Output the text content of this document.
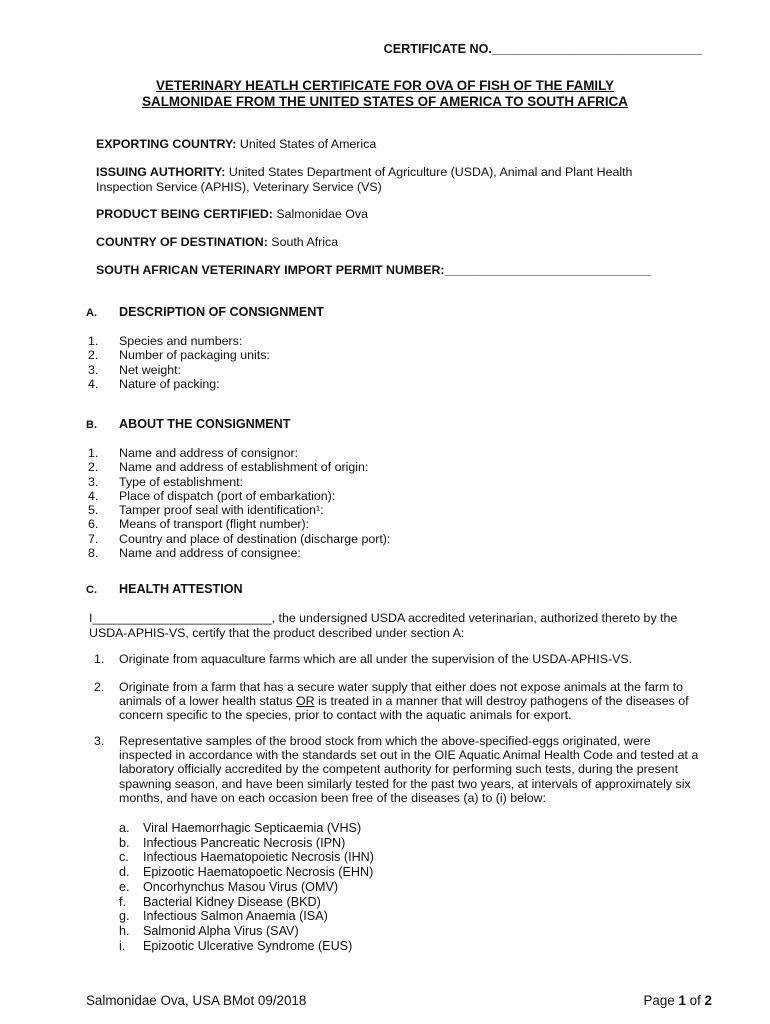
CERTIFICATE NO.______________________________
VETERINARY HEATLH CERTIFICATE FOR OVA OF FISH OF THE FAMILY
SALMONIDAE FROM THE UNITED STATES OF AMERICA TO SOUTH AFRICA
EXPORTING COUNTRY: United States of America
ISSUING AUTHORITY: United States Department of Agriculture (USDA), Animal and Plant Health Inspection Service (APHIS), Veterinary Service (VS)
PRODUCT BEING CERTIFIED: Salmonidae Ova
COUNTRY OF DESTINATION: South Africa
SOUTH AFRICAN VETERINARY IMPORT PERMIT NUMBER:______________________________
A. DESCRIPTION OF CONSIGNMENT
1.	Species and numbers:
2.	Number of packaging units:
3.	Net weight:
4.	Nature of packing:
B. ABOUT THE CONSIGNMENT
1.	Name and address of consignor:
2.	Name and address of establishment of origin:
3.	Type of establishment:
4.	Place of dispatch (port of embarkation):
5.	Tamper proof seal with identification¹:
6.	Means of transport (flight number):
7.	Country and place of destination (discharge port):
8.	Name and address of consignee:
C. HEALTH ATTESTION
I__________________________, the undersigned USDA accredited veterinarian, authorized thereto by the USDA-APHIS-VS, certify that the product described under section A:
1.	Originate from aquaculture farms which are all under the supervision of the USDA-APHIS-VS.
2.	Originate from a farm that has a secure water supply that either does not expose animals at the farm to animals of a lower health status OR is treated in a manner that will destroy pathogens of the diseases of concern specific to the species, prior to contact with the aquatic animals for export.
3.	Representative samples of the brood stock from which the above-specified-eggs originated, were inspected in accordance with the standards set out in the OIE Aquatic Animal Health Code and tested at a laboratory officially accredited by the competent authority for performing such tests, during the present spawning season, and have been similarly tested for the past two years, at intervals of approximately six months, and have on each occasion been free of the diseases (a) to (i) below:
a.	Viral Haemorrhagic Septicaemia (VHS)
b.	Infectious Pancreatic Necrosis (IPN)
c.	Infectious Haematopoietic Necrosis (IHN)
d.	Epizootic Haematopoetic Necrosis (EHN)
e.	Oncorhynchus Masou Virus (OMV)
f.	Bacterial Kidney Disease (BKD)
g.	Infectious Salmon Anaemia (ISA)
h.	Salmonid Alpha Virus (SAV)
i.	Epizootic Ulcerative Syndrome (EUS)
Salmonidae Ova, USA BMot 09/2018	Page 1 of 2
